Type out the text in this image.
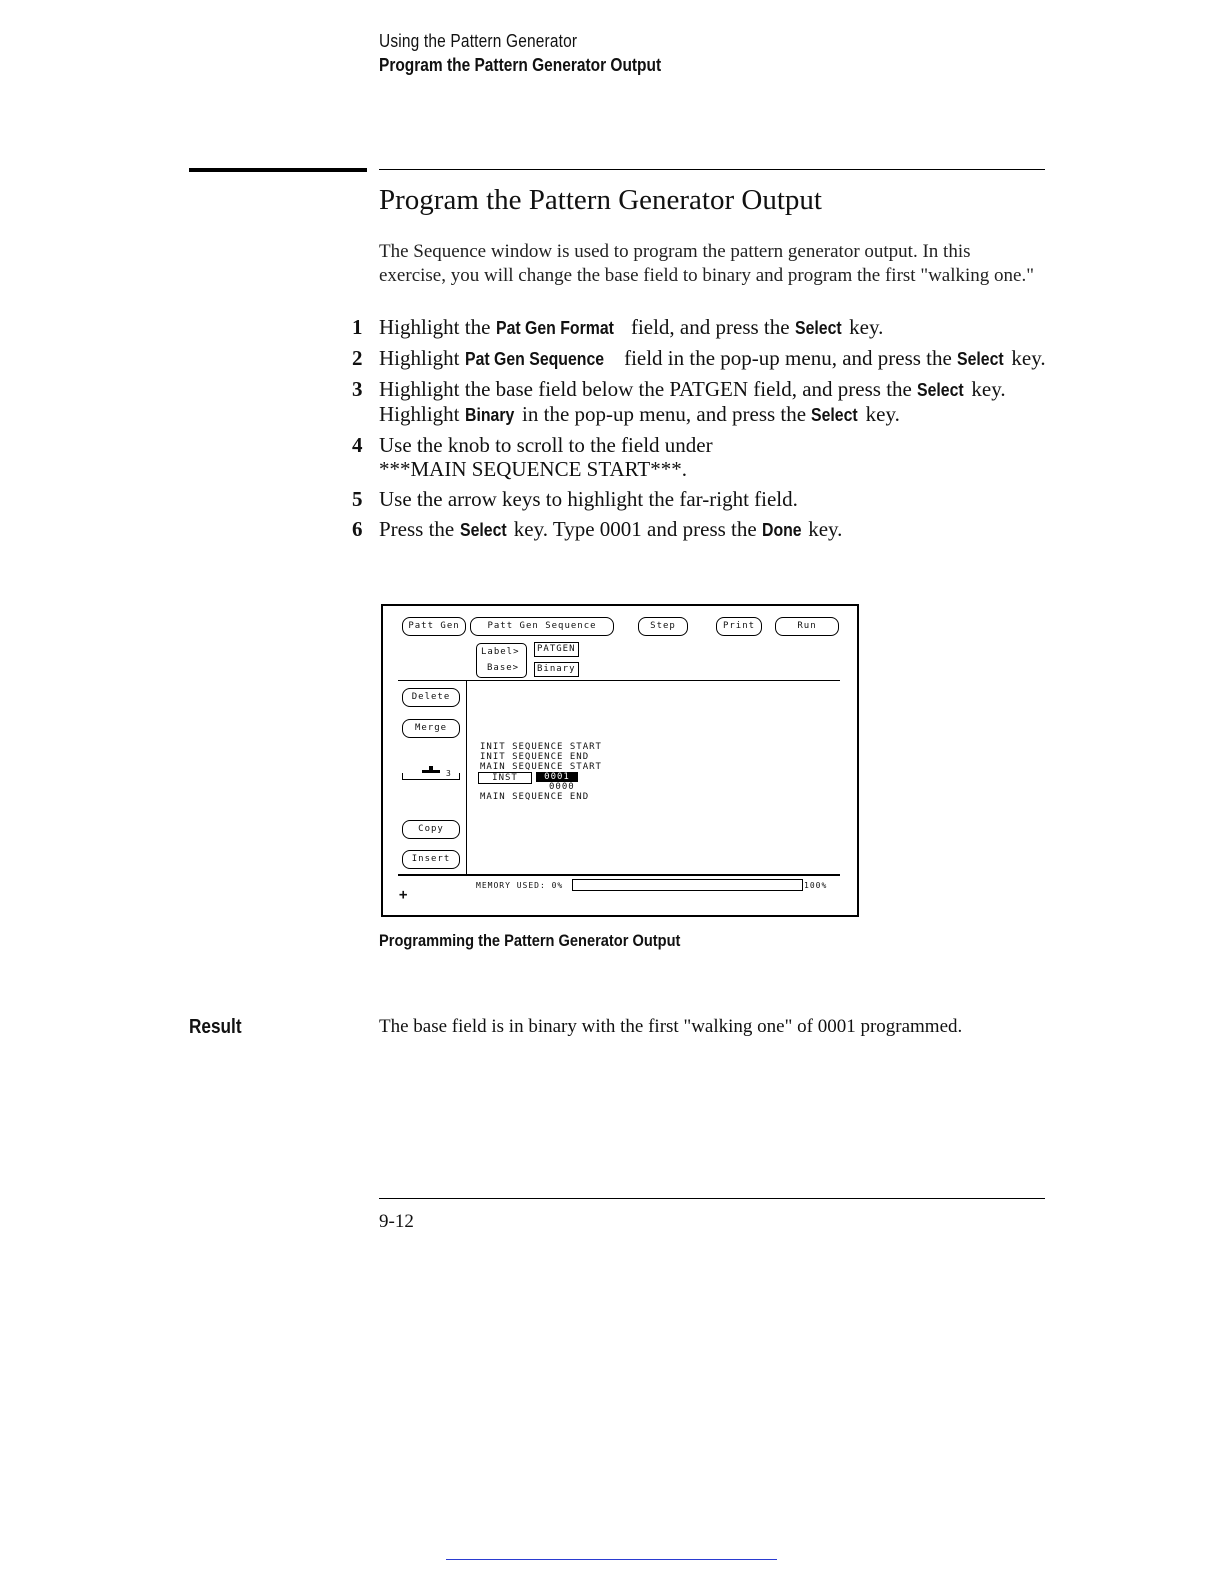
Using the Pattern Generator
Program the Pattern Generator Output
Program the Pattern Generator Output
The Sequence window is used to program the pattern generator output. In this exercise, you will change the base field to binary and program the first "walking one."
1 Highlight the Pat Gen Format field, and press the Select key.
2 Highlight Pat Gen Sequence field in the pop-up menu, and press the Select key.
3 Highlight the base field below the PATGEN field, and press the Select key. Highlight Binary in the pop-up menu, and press the Select key.
4 Use the knob to scroll to the field under
***MAIN SEQUENCE START***.
5 Use the arrow keys to highlight the far-right field.
6 Press the Select key. Type 0001 and press the Done key.
Patt Gen	Patt Gen Sequence	Step	Print	Run
Label>
Base>
PATGEN
Binary
Delete
Merge
3
INIT SEQUENCE START
INIT SEQUENCE END
MAIN SEQUENCE START
INST	0001
0000
MAIN SEQUENCE END
Copy
Insert
MEMORY USED: 0%	100%
+
Programming the Pattern Generator Output
Result	The base field is in binary with the first "walking one" of 0001 programmed.
9-12
